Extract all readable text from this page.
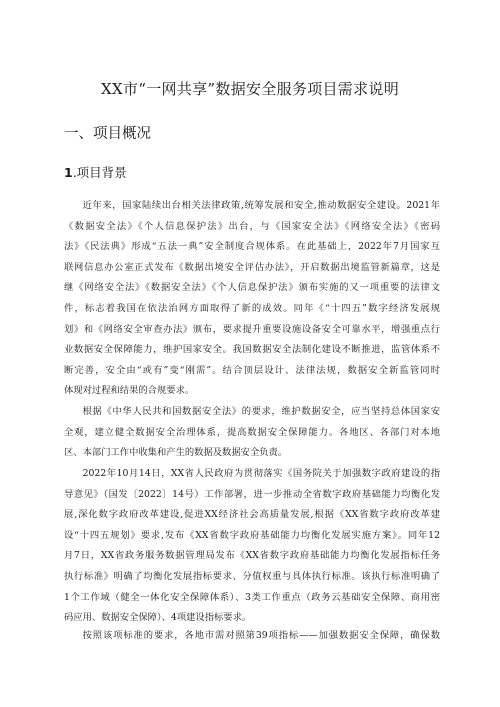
XX市“一网共享”数据安全服务项目需求说明
一、项目概况
1.项目背景
近年来，国家陆续出台相关法律政策,统筹发展和安全,推动数据安全建设。2021年
《数据安全法》《个人信息保护法》出台，与《国家安全法》《网络安全法》《密码
法》《民法典》形成“五法一典”安全制度合规体系。在此基础上，2022年7月国家互
联网信息办公室正式发布《数据出境安全评估办法》，开启数据出境监管新篇章，这是
继《网络安全法》《数据安全法》《个人信息保护法》颁布实施的又一项重要的法律文
件，标志着我国在依法治网方面取得了新的成效。同年《“十四五”数字经济发展规
划》和《网络安全审查办法》颁布，要求提升重要设施设备安全可靠水平，增强重点行
业数据安全保障能力，维护国家安全。我国数据安全法制化建设不断推进，监管体系不
断完善，安全由“或有”变“刚需”。结合顶层设计、法律法规，数据安全新监管同时
体现对过程和结果的合规要求。
根据《中华人民共和国数据安全法》的要求，维护数据安全，应当坚持总体国家安
全观，建立健全数据安全治理体系，提高数据安全保障能力。各地区、各部门对本地
区、本部门工作中收集和产生的数据及数据安全负责。
2022年10月14日，XX省人民政府为贯彻落实《国务院关于加强数字政府建设的指
导意见》（国发〔2022〕14号）工作部署，进一步推动全省数字政府基础能力均衡化发
展,深化数字政府改革建设,促进XX经济社会高质量发展,根据《XX省数字政府改革建
设“十四五规划》要求,发布《XX省数字政府基础能力均衡化发展实施方案》。同年12
月7日，XX省政务服务数据管理局发布《XX省数字政府基础能力均衡化发展指标任务
执行标准》明确了均衡化发展指标要求、分值权重与具体执行标准。该执行标准明确了
1个工作域（健全一体化安全保障体系）、3类工作重点（政务云基础安全保障、商用密
码应用、数据安全保障）、4项建设指标要求。
按照该项标准的要求，各地市需对照第39项指标——加强数据安全保障，确保数
